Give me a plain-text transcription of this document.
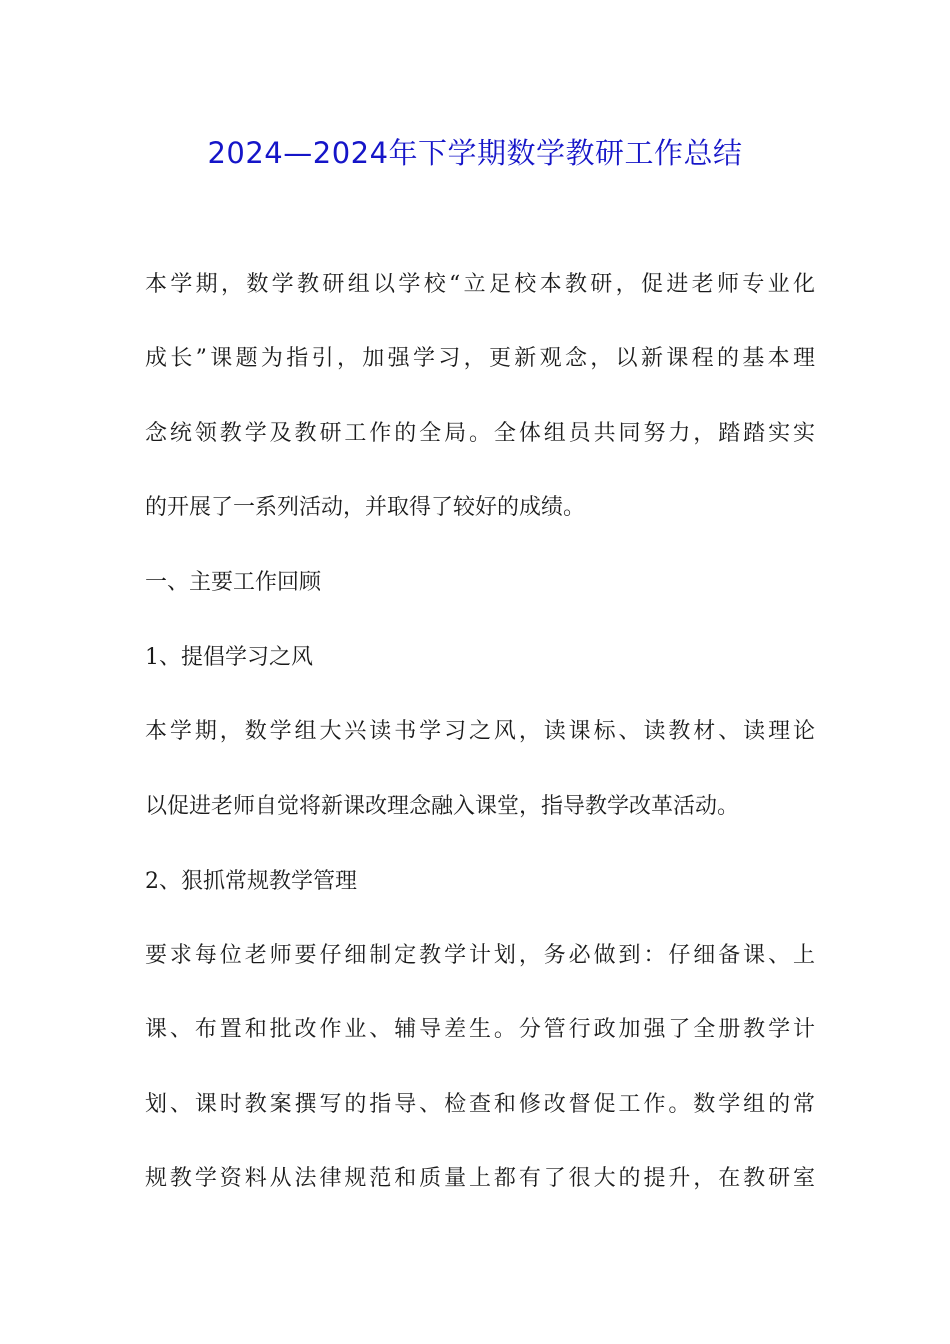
2024—2024年下学期数学教研工作总结

本学期，数学教研组以学校“立足校本教研，促进老师专业化

成长”课题为指引，加强学习，更新观念，以新课程的基本理

念统领教学及教研工作的全局。全体组员共同努力，踏踏实实

的开展了一系列活动，并取得了较好的成绩。

一、主要工作回顾

1、提倡学习之风

本学期，数学组大兴读书学习之风，读课标、读教材、读理论

以促进老师自觉将新课改理念融入课堂，指导教学改革活动。

2、狠抓常规教学管理

要求每位老师要仔细制定教学计划，务必做到：仔细备课、上

课、布置和批改作业、辅导差生。分管行政加强了全册教学计

划、课时教案撰写的指导、检查和修改督促工作。数学组的常

规教学资料从法律规范和质量上都有了很大的提升，在教研室
